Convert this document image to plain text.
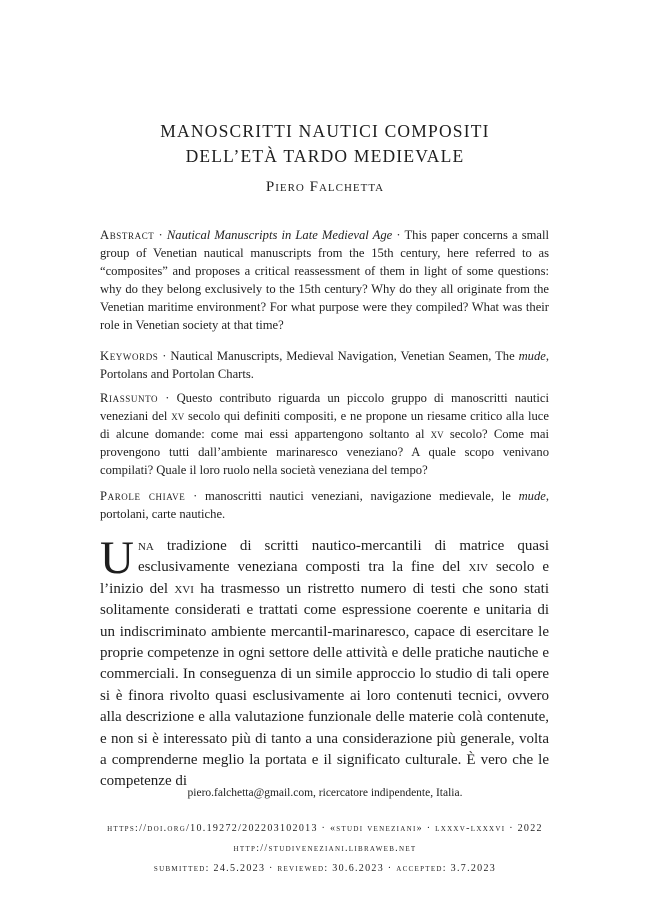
MANOSCRITTI NAUTICI COMPOSITI
DELL’ETÀ TARDO MEDIEVALE
Piero Falchetta
Abstract · Nautical Manuscripts in Late Medieval Age · This paper concerns a small group of Venetian nautical manuscripts from the 15th century, here referred to as “composites” and proposes a critical reassessment of them in light of some questions: why do they belong exclusively to the 15th century? Why do they all originate from the Venetian maritime environment? For what purpose were they compiled? What was their role in Venetian society at that time?
Keywords · Nautical Manuscripts, Medieval Navigation, Venetian Seamen, The mude, Portolans and Portolan Charts.
Riassunto · Questo contributo riguarda un piccolo gruppo di manoscritti nautici veneziani del xv secolo qui definiti compositi, e ne propone un riesame critico alla luce di alcune domande: come mai essi appartengono soltanto al xv secolo? Come mai provengono tutti dall’ambiente marinaresco veneziano? A quale scopo venivano compilati? Quale il loro ruolo nella società veneziana del tempo?
Parole chiave · manoscritti nautici veneziani, navigazione medievale, le mude, portolani, carte nautiche.
Una tradizione di scritti nautico-mercantili di matrice quasi esclusivamente veneziana composti tra la fine del xiv secolo e l’inizio del xvi ha trasmesso un ristretto numero di testi che sono stati solitamente considerati e trattati come espressione coerente e unitaria di un indiscriminato ambiente mercantil-marinaresco, capace di esercitare le proprie competenze in ogni settore delle attività e delle pratiche nautiche e commerciali. In conseguenza di un simile approccio lo studio di tali opere si è finora rivolto quasi esclusivamente ai loro contenuti tecnici, ovvero alla descrizione e alla valutazione funzionale delle materie colà contenute, e non si è interessato più di tanto a una considerazione più generale, volta a comprenderne meglio la portata e il significato culturale. È vero che le competenze di
piero.falchetta@gmail.com, ricercatore indipendente, Italia.
https://doi.org/10.19272/202203102013 · «studi veneziani» · lxxxv-lxxxvi · 2022
http://studiveneziani.libraweb.net
submitted: 24.5.2023 · reviewed: 30.6.2023 · accepted: 3.7.2023
